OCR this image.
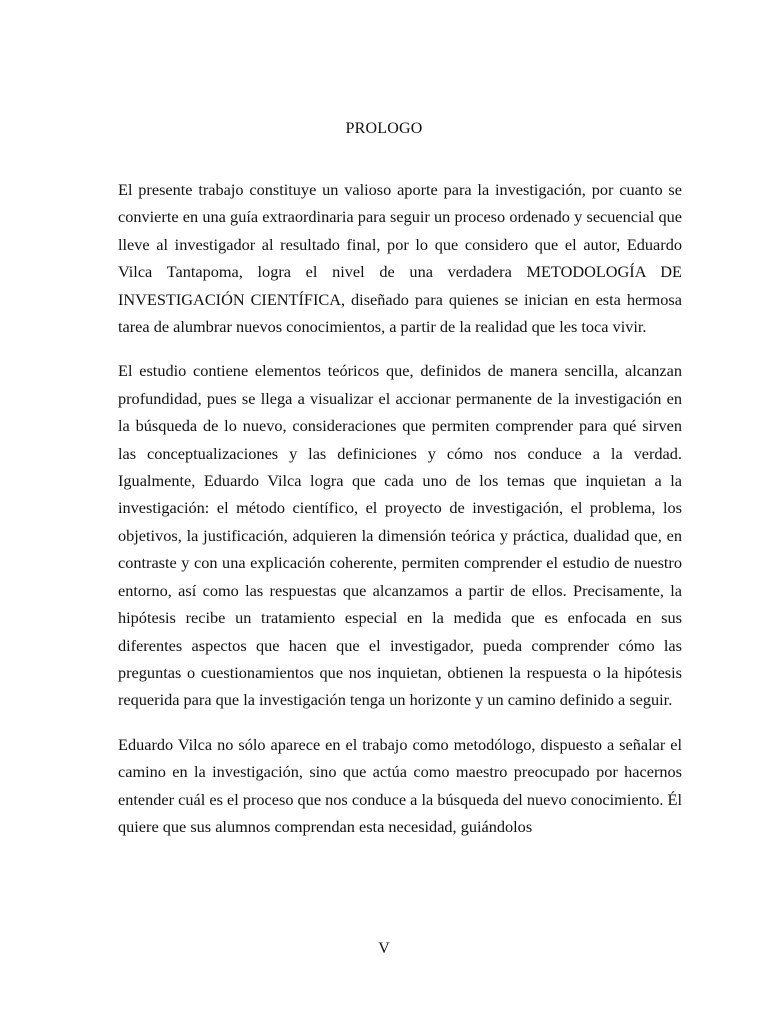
PROLOGO

El presente trabajo constituye un valioso aporte para la investigación, por cuanto se convierte en una guía extraordinaria para seguir un proceso ordenado y secuencial que lleve al investigador al resultado final, por lo que considero que el autor, Eduardo Vilca Tantapoma, logra el nivel de una verdadera METODOLOGÍA DE INVESTIGACIÓN CIENTÍFICA, diseñado para quienes se inician en esta hermosa tarea de alumbrar nuevos conocimientos, a partir de la realidad que les toca vivir.

El estudio contiene elementos teóricos que, definidos de manera sencilla, alcanzan profundidad, pues se llega a visualizar el accionar permanente de la investigación en la búsqueda de lo nuevo, consideraciones que permiten comprender para qué sirven las conceptualizaciones y las definiciones y cómo nos conduce a la verdad. Igualmente, Eduardo Vilca logra que cada uno de los temas que inquietan a la investigación: el método científico, el proyecto de investigación, el problema, los objetivos, la justificación, adquieren la dimensión teórica y práctica, dualidad que, en contraste y con una explicación coherente, permiten comprender el estudio de nuestro entorno, así como las respuestas que alcanzamos a partir de ellos. Precisamente, la hipótesis recibe un tratamiento especial en la medida que es enfocada en sus diferentes aspectos que hacen que el investigador, pueda comprender cómo las preguntas o cuestionamientos que nos inquietan, obtienen la respuesta o la hipótesis requerida para que la investigación tenga un horizonte y un camino definido a seguir.

Eduardo Vilca no sólo aparece en el trabajo como metodólogo, dispuesto a señalar el camino en la investigación, sino que actúa como maestro preocupado por hacernos entender cuál es el proceso que nos conduce a la búsqueda del nuevo conocimiento. Él quiere que sus alumnos comprendan esta necesidad, guiándolos

V
